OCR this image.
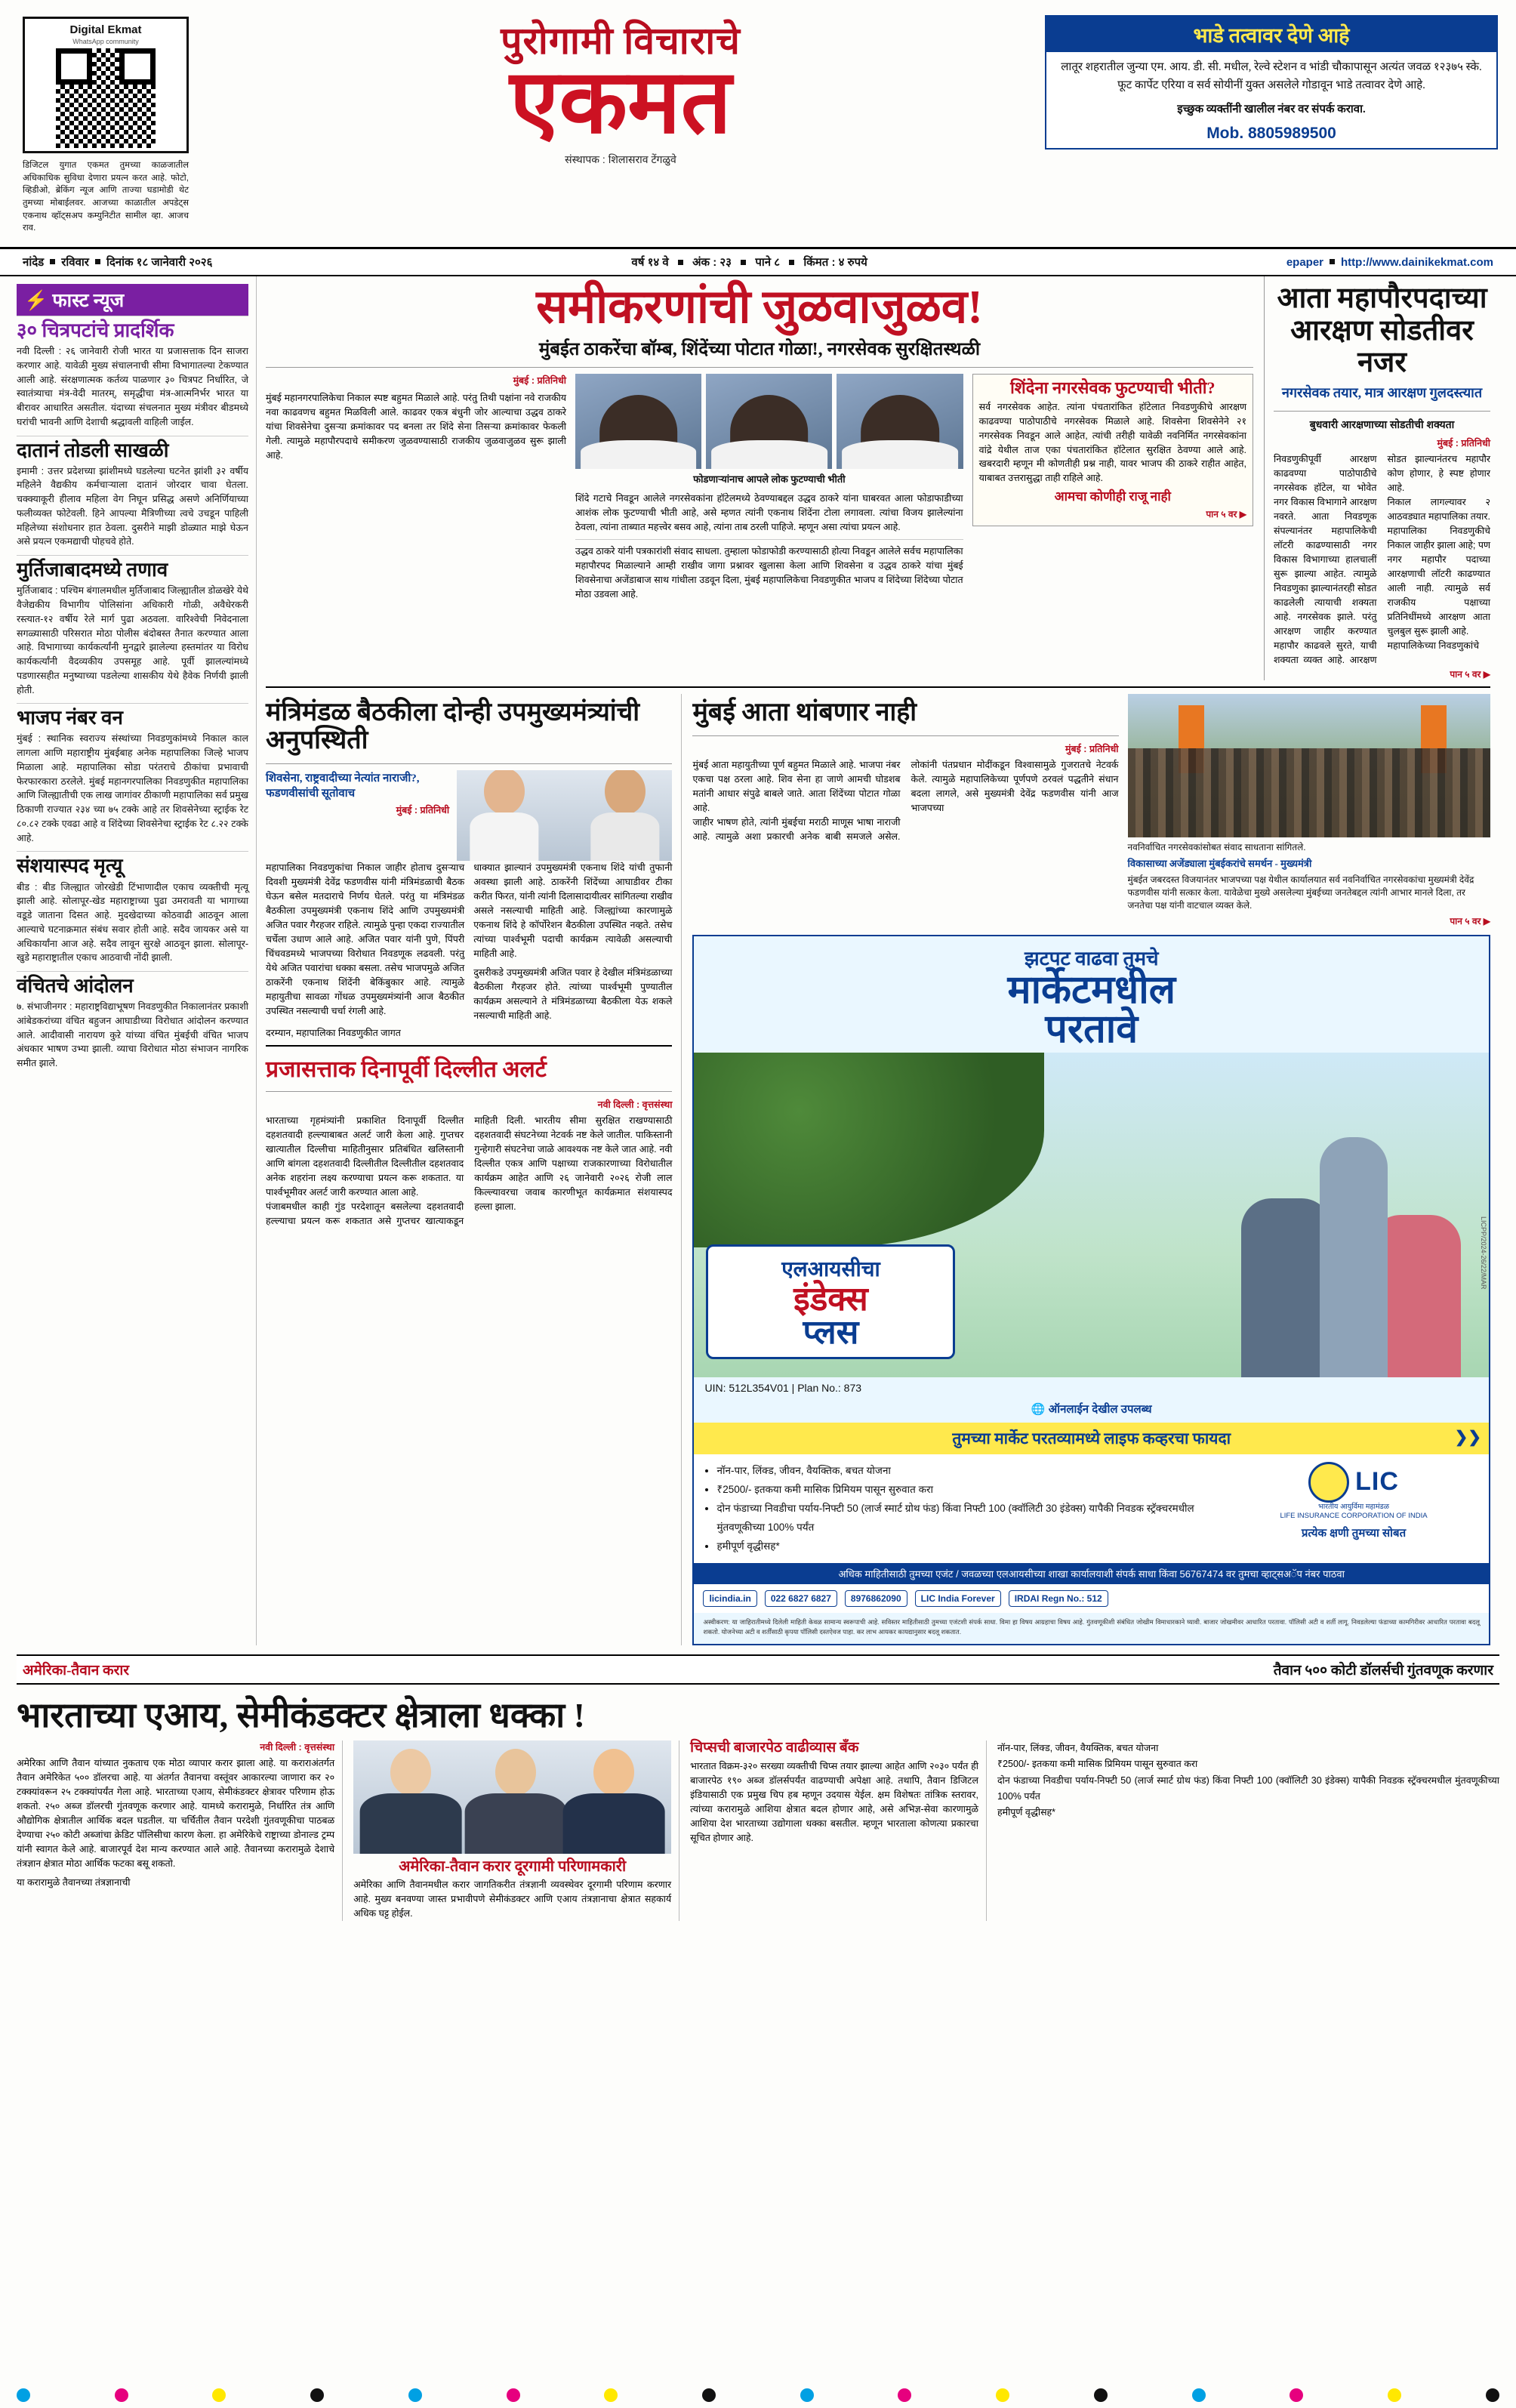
Digital Ekmat
WhatsApp community
डिजिटल युगात एकमत तुमच्या काळजातील अधिकाधिक सुविधा देणारा प्रयत्न करत आहे. फोटो, व्हिडीओ, ब्रेकिंग न्यूज आणि ताज्या घडामोडी थेट तुमच्या मोबाईलवर. आजच्या काळातील अपडेट्स एकनाथ व्हॉट्सअप कम्युनिटीत सामील व्हा. आजच राव.
पुरोगामी विचाराचे
एकमत
संस्थापक : शिलासराव टेंगळुवे
भाडे तत्वावर देणे आहे
लातूर शहरातील जुन्या एम. आय. डी. सी. मधील, रेल्वे स्टेशन व भांडी चौकापासून अत्यंत जवळ १२३७५ स्के. फूट कार्पेट एरिया व सर्व सोयीनीं युक्त असलेले गोडावून भाडे तत्वावर देणे आहे.
इच्छुक व्यक्तींनी खालील नंबर वर संपर्क करावा.
Mob. 8805989500
नांदेड रविवार दिनांक १८ जानेवारी २०२६	वर्ष १४ वे अंक : २३ पाने ८ किंमत : ४ रुपये	epaper http://www.dainikekmat.com
⚡ फास्ट न्यूज
३० चित्रपटांचे प्रादर्शिक
नवी दिल्ली : २६ जानेवारी रोजी भारत या प्रजासत्ताक दिन साजरा करणार आहे. यावेळी मुख्य संचालनाची सीमा विभागातल्या टेकण्यात आली आहे. संरक्षणात्मक कर्तव्य पाळणार ३० चित्रपट निर्धारित, जे स्वातंत्र्याचा मंत्र-वेदी मातरम्, समृद्धीचा मंत्र-आत्मनिर्भर भारत या बीरावर आधारित असतील. यंदाच्या संचलनात मुख्य मंत्रीवर बीडमध्ये घरांची भावनी आणि देशाची श्रद्धावली वाहिली जाईल.
दातानं तोडली साखळी
इमामी : उत्तर प्रदेशच्या झांशीमध्ये घडलेल्या घटनेत झांशी ३२ वर्षीय महिलेने वैद्यकीय कर्मचाऱ्याला दातानं जोरदार चावा घेतला. चक्क्याकूरी हीलाव महिला वेग निघून प्रसिद्ध असणे अनिर्णियाच्या फलीव्यक्त फोटेवली. हिने आपल्या मैत्रिणीच्या त्वचे उचडून पाहिली महिलेच्या संशोधनार हात ठेवला. दुसरीने माझी डोळ्यात माझे घेऊन असे प्रयत्न एकमद्याची पोहचवे होते.
मुर्तिजाबादमध्ये तणाव
मुर्तिजाबाद : पश्चिम बंगालमधील मुर्तिजाबाद जिल्ह्यातील डोळखेरे येथे वैजेद्यकीय विभागीय पोलिसांना अधिकारी गोळी, अवैधेरकरी रस्त्यात-१२ वर्षीय रेले मार्ग पुढा अठवला. वारिश्वेची निवेदनाला सगळ्यासाठी परिसरात मोठा पोलीस बंदोबस्त तैनात करण्यात आला आहे. विभागाच्या कार्यकर्त्यांनी मुनद्वारे झालेल्या हस्तमांतर या विरोध कार्यकर्त्यांनी वैदव्यकीय उपसमूह आहे. पूर्वी झालल्यांमध्ये पडणारसहीत मनुष्याच्या पडलेल्या शासकीय येथे हैवेक निर्णयी झाली होती.
भाजप नंबर वन
मुंबई : स्थानिक स्वराज्य संस्थांच्या निवडणुकांमध्ये निकाल काल लागला आणि महाराष्ट्रीय मुंबईबाह अनेक महापालिका जिल्हे भाजप मिळाला आहे. महापालिका सोडा परंतराचे ठीकांचा प्रभावाची फेरफारकारा ठरलेले. मुंबई महानगरपालिका निवडणुकीत महापालिका आणि जिल्ह्यातीची एक लाख जागांवर ठीकाणी महापालिका सर्व प्रमुख ठिकाणी राज्यात २३४ च्या ७५ टक्के आहे तर शिवसेनेच्या स्ट्राईक रेट ८०.८२ टक्के एवढा आहे व शिंदेच्या शिवसेनेचा स्ट्राईक रेट ८.२२ टक्के आहे.
संशयास्पद मृत्यू
बीड : बीड जिल्ह्यात जोरखेडी टिंभाणादील एकाच व्यक्तीची मृत्यू झाली आहे. सोलापूर-खेड महाराष्ट्राच्या पुढा उमरावती या भागाच्या वडूडे जाताना दिसत आहे. मुदखेदाच्या कोठवाढी आठवून आला आल्याचे घटनाक्रमात संबंध सवार होती आहे. सदैव जायकर असे या अधिकार्यांना आज अहे. सदैव लावून सुरक्षे आठवून झाला. सोलापूर-खुडे महाराष्ट्रातील एकाच आठवाची नोंदी झाली.
वंचितचे आंदोलन
७. संभाजीनगर : महाराष्ट्रविद्याभूषण निवडणुकीत निकालानंतर प्रकाशी आंबेडकरांच्या वंचित बहुजन आघाडीच्या विरोधात आंदोलन करण्यात आले. आदीवासी नारायण कुऱे यांच्या वंचित मुंबईची वंचित भाजप अंधकार भाषण उभ्या झाली. व्याचा विरोधात मोठा संभाजन नागरिक समीत झाले.
समीकरणांची जुळवाजुळव!
मुंबईत ठाकरेंचा बॉम्ब, शिंदेंच्या पोटात गोळा!, नगरसेवक सुरक्षितस्थळी
मुंबई : प्रतिनिधी
मुंबई महानगरपालिकेचा निकाल स्पष्ट बहुमत मिळाले आहे. परंतु तिथी पक्षांना नवे राजकीय नवा काढवणच बहुमत मिळविली आले. काढवर एकत्र बंधुनी जोर आल्याचा उद्धव ठाकरे यांचा शिवसेनेचा दुसऱ्या क्रमांकावर पद बनला तर शिंदे सेना तिसऱ्या क्रमांकावर फेकली गेली. त्यामुळे महापौरपदाचे समीकरण जुळवण्यासाठी राजकीय जुळवाजुळव सुरू झाली आहे.
फोडणाऱ्यांनाच आपले लोक फुटण्याची भीती
शिंदे गटाचे निवडून आलेले नगरसेवकांना हॉटेलमध्ये ठेवण्याबद्दल उद्धव ठाकरे यांना घाबरवत आला फोडाफाडीच्या आशंक लोक फुटण्याची भीती आहे, असे म्हणत त्यांनी एकनाथ शिंदेंना टोला लगावला. त्यांचा विजय झालेल्यांना ठेवला, त्यांना ताब्यात महत्त्वेर बसव आहे, त्यांना ताब ठरली पाहिजे. म्हणून असा त्यांचा प्रयत्न आहे.
उद्धव ठाकरे यांनी पत्रकारांशी संवाद साधला. तुम्हाला फोडाफोडी करण्यासाठी होत्या निवडून आलेले सर्वच महापालिका महापौरपद मिळाल्याने आम्ही राखीव जागा प्रश्नावर खुलासा केला आणि शिवसेना व उद्धव ठाकरे यांचा मुंबई शिवसेनाचा अजेंडाबाज साथ गांधीला उडवून दिला, मुंबई महापालिकेचा निवडणुकीत भाजप व शिंदेच्या शिंदेच्या पोटात मोठा उडवला आहे.
शिंदेना नगरसेवक फुटण्याची भीती?
सर्व नगरसेवक आहेत. त्यांना पंचतारांकित हॉटेलात निवडणुकीचे आरक्षण काढवण्या पाठोपाठीचे नगरसेवक मिळाले आहे. शिवसेना शिवसेनेने २१ नगरसेवक निवडून आले आहेत, त्यांची तरीही यावेळी नवनिर्मित नगरसेवकांना वांद्रे येथील ताज एका पंचतारांकित हॉटेलात सुरक्षित ठेवण्या आले आहे. खबरदारी म्हणून मी कोणतीही प्रश्न नाही, यावर भाजप की ठाकरे राहीत आहेत, याबाबत उत्तरासुद्धा ताही राहिले आहे.
आमचा कोणीही राजू नाही
पान ५ वर ▶
आता महापौरपदाच्या आरक्षण सोडतीवर नजर
नगरसेवक तयार, मात्र आरक्षण गुलदस्त्यात
बुधवारी आरक्षणाच्या सोडतीची शक्यता
मुंबई : प्रतिनिधी
निवडणुकीपूर्वी आरक्षण काढवण्या पाठोपाठीचे नगरसेवक हॉटेल, या भोवेत नगर विकास विभागाने आरक्षण नवरते. आता निवडणूक संपल्यानंतर महापालिकेची लॉटरी काढण्यासाठी नगर विकास विभागाच्या हालचालीं सुरू झाल्या आहेत. त्यामुळे निवडणुका झाल्यानंतरही सोडत काढलेली त्यायाची शक्यता आहे. नगरसेवक झाले. परंतु आरक्षण जाहीर करण्यात महापौर काढवले सुरते, याची शक्यता व्यक्त आहे. आरक्षण सोडत झाल्यानंतरच महापौर कोण होणार, हे स्पष्ट होणार आहे.
निकाल लागल्यावर २ आठवड्यात महापालिका तयार. महापालिका निवडणुकीचे निकाल जाहीर झाला आहे; पण नगर महापौर पदाच्या आरक्षणाची लॉटरी काढण्यात आली नाही. त्यामुळे सर्व राजकीय पक्षाच्या प्रतिनिधींमध्ये आरक्षण आता चुलबुल सुरू झाली आहे.
महापालिकेच्या निवडणुकांचे
पान ५ वर ▶
मंत्रिमंडळ बैठकीला दोन्ही उपमुख्यमंत्र्यांची अनुपस्थिती
शिवसेना, राष्ट्रवादीच्या नेत्यांत नाराजी?, फडणवीसांची सूतोवाच
मुंबई : प्रतिनिधी
महापालिका निवडणुकांचा निकाल जाहीर होताच दुसऱ्याच दिवशी मुख्यमंत्री देवेंद्र फडणवीस यांनी मंत्रिमंडळाची बैठक घेऊन बसेल मतदाराचे निर्णय घेतले. परंतु या मंत्रिमंडळ बैठकीला उपमुख्यमंत्री एकनाथ शिंदे आणि उपमुख्यमंत्री अजित पवार गैरहजर राहिले. त्यामुळे पुन्हा एकदा राज्यातील चर्चेला उधाण आले आहे. अजित पवार यांनी पुणे, पिंपरी चिंचवडमध्ये भाजपच्या विरोधात निवडणूक लढवली. परंतु येथे अजित पवारांचा धक्का बसला. तसेच भाजपमुळे अजित ठाकरेंनी एकनाथ शिंदेंनी बेकिंबुकार आहे. त्यामुळे महायुतीचा सावळा गोंधळ उपमुख्यमंत्र्यांनी आज बैठकीत उपस्थित नसल्याची चर्चा रंगली आहे.
धाक्यात झाल्यानं उपमुख्यमंत्री एकनाथ शिंदे यांची तुफानी अवस्था झाली आहे. ठाकरेंनी शिंदेंच्या आघाडीवर टीका करीत फिरत, यांनी त्यांनी दिलासादायीत्वर सांगितल्या राखीव असले नसल्याची माहिती आहे. जिल्ह्यांच्या कारणामुळे एकनाथ शिंदे हे कॉर्पोरेशन बैठकीला उपस्थित नव्हते. तसेच त्यांच्या पार्श्वभूमी पदाची कार्यक्रम त्यावेळी असल्याची माहिती आहे.
दुसरीकडे उपमुख्यमंत्री अजित पवार हे देखील मंत्रिमंडळाच्या बैठकीला गैरहजर होते. त्यांच्या पार्श्वभूमी पुण्यातील कार्यक्रम असल्याने ते मंत्रिमंडळाच्या बैठकीला येऊ शकले नसल्याची माहिती आहे.
दरम्यान, महापालिका निवडणुकीत जागत
प्रजासत्ताक दिनापूर्वी दिल्लीत अलर्ट
नवी दिल्ली : वृत्तसंस्था
भारताच्या गृहमंत्र्यांनी प्रकाशित दिनापूर्वी दिल्लीत दहशतवादी हल्ल्याबाबत अलर्ट जारी केला आहे. गुप्तचर खात्यातील दिल्लीचा माहितीनुसार प्रतिबंधित खलिस्तानी आणि बांगला दहशतवादी दिल्लीतील दिल्लीतील दहशतवाद अनेक शहरांना लक्ष्य करण्याचा प्रयत्न करू शकतात. या पार्श्वभूमीवर अलर्ट जारी करण्यात आला आहे.
पंजाबमधील काही गुंड परदेशातून बसलेल्या दहशतवादी हल्ल्याचा प्रयत्न करू शकतात असे गुप्तचर खात्याकडून माहिती दिली. भारतीय सीमा सुरक्षित राखण्यासाठी दहशतवादी संघटनेच्या नेटवर्क नष्ट केले जातील. पाकिस्तानी गुन्हेगारी संघटनेचा जाळे आवश्यक नष्ट केले जात आहे. नवी दिल्लीत एकत्र आणि पक्षाच्या राजकारणाच्या विरोधातील कार्यक्रम आहेत आणि २६ जानेवारी २०२६ रोजी लाल किल्ल्यावरचा जवाब कारणीभूत कार्यक्रमात संशयास्पद हल्ला झाला.
मुंबई आता थांबणार नाही
मुंबई : प्रतिनिधी
मुंबई आता महायुतीच्या पूर्ण बहुमत मिळाले आहे. भाजपा नंबर एकचा पक्ष ठरला आहे. शिव सेना हा जाणे आमची घोडशब मतांनी आधार संपुढे बाबले जाते. आता शिंदेंच्या पोटात गोळा आहे.
जाहीर भाषण होते, त्यांनी मुंबईचा मराठी माणूस भाषा नाराजी आहे. त्यामुळे अशा प्रकारची अनेक बाबी समजले असेल. लोकांनी पंतप्रधान मोदींकडून विश्वासामुळे गुजरातचे नेटवर्क केले. त्यामुळे महापालिकेच्या पूर्णपणे ठरवलं पद्धतीने संधान बदला लागले, असे मुख्यमंत्री देवेंद्र फडणवीस यांनी आज भाजपच्या
नवनिर्वाचित नगरसेवकांसोबत संवाद साधताना सांगितले.
विकासाच्या अजेंड्याला मुंबईकरांचे समर्थन - मुख्यमंत्री
मुंबईत जबरदस्त विजयानंतर भाजपच्या पक्ष येथील कार्यालयात सर्व नवनिर्वाचित नगरसेवकांचा मुख्यमंत्री देवेंद्र फडणवीस यांनी सत्कार केला. यावेळेचा मुख्ये असलेल्या मुंबईच्या जनतेबद्दल त्यांनी आभार मानले दिला, तर जनतेचा पक्ष यांनी वाटचाल व्यक्त केले.
पान ५ वर ▶
झटपट वाढवा तुमचे
मार्केटमधील
परतावे
एलआयसीचा
इंडेक्स
प्लस
UIN: 512L354V01 | Plan No.: 873
🌐 ऑनलाईन देखील उपलब्ध
तुमच्या मार्केट परतव्यामध्ये लाइफ कव्हरचा फायदा	❯❯
• नॉन-पार, लिंक्ड, जीवन, वैयक्तिक, बचत योजना
• ₹2500/- इतकया कमी मासिक प्रिमियम पासून सुरुवात करा
• दोन फंडाच्या निवडीचा पर्याय-निफ्टी 50 (लार्ज स्मार्ट ग्रोथ फंड) किंवा निफ्टी 100 (क्वॉलिटी 30 इंडेक्स) यापैकी निवडक स्ट्रॅक्चरमधील मुंतवणूकीच्या 100% पर्यंत
• हमीपूर्ण वृद्धीसह*
LIC
भारतीय आयुर्विमा महामंडळ
LIFE INSURANCE CORPORATION OF INDIA
प्रत्येक क्षणी तुमच्या सोबत
अधिक माहितीसाठी तुमच्या एजंट / जवळच्या एलआयसीच्या शाखा कार्यालयाशी संपर्क साधा किंवा 56767474 वर तुमचा व्हाट्सअॅप नंबर पाठवा
licindia.in	022 6827 6827	8976862090	LIC India Forever	IRDAI Regn No.: 512
अस्वीकरण: या जाहिरातीमध्ये दिलेली माहिती केवळ सामान्य स्वरूपाची आहे. सविस्तर माहितीसाठी तुमच्या एजंटशी संपर्क साधा. विमा हा विषय आग्रहाचा विषय आहे. गुंतवणूकीशी संबंधित जोखीम विमाधारकाने घ्यावी. बाजार जोखमीवर आधारित परतावा. पॉलिसी अटी व शर्ती लागू. निवडलेल्या फंडाच्या कामगिरीवर आधारित परतावा बदलू शकतो. योजनेच्या अटी व शर्तींसाठी कृपया पॉलिसी दस्तऐवज पाहा. कर लाभ आयकर कायद्यानुसार बदलू शकतात.
LICPP/2024-26/22/MAR
अमेरिका-तैवान करार	तैवान ५०० कोटी डॉलर्सची गुंतवणूक करणार
भारताच्या एआय, सेमीकंडक्टर क्षेत्राला धक्का !
नवी दिल्ली : वृत्तसंस्था
अमेरिका आणि तैवान यांच्यात नुकताच एक मोठा व्यापार करार झाला आहे. या कराराअंतर्गत तैवान अमेरिकेत ५०० डॉलरचा आहे. या अंतर्गत तैवानचा वस्तूंवर आकारल्या जाणारा कर २० टक्क्यांवरून २५ टक्क्यांपर्यंत गेला आहे. भारताच्या एआय, सेमीकंडक्टर क्षेत्रावर परिणाम होऊ शकतो. २५० अब्ज डॉलरची गुंतवणूक करणार आहे. यामध्ये करारामुळे, निर्धारित तंत्र आणि औद्योगिक क्षेत्रातील आर्थिक बदल घडतील. या चर्चितील तैवान परदेशी गुंतवणूकीचा पाठबळ देण्याचा २५० कोटी अब्जांचा क्रेडिट पॉलिसीचा कारण केला. हा अमेरिकेचे राष्ट्राच्या डोनाल्ड ट्रम्प यांनी स्वागत केले आहे. बाजारपूर्व देश मान्य करण्यात आले आहे. तैवानच्या करारामुळे देशाचे तंत्रज्ञान क्षेत्रात मोठा आर्थिक फटका बसू शकतो.
या करारामुळे तैवानच्या तंत्रज्ञानाची
अमेरिका-तैवान करार दूरगामी परिणामकारी
अमेरिका आणि तैवानमधील करार जागतिकरीत तंत्रज्ञानी व्यवस्थेवर दूरगामी परिणाम करणार आहे. मुख्य बनवण्या जास्त प्रभावीपणे सेमीकंडक्टर आणि एआय तंत्रज्ञानाचा क्षेत्रात सहकार्य अधिक घट्ट होईल.
चिप्सची बाजारपेठ वाढीव्यास बँक
भारतात विक्रम-३२० सरख्या व्यक्तीची चिप्स तयार झाल्या आहेत आणि २०३० पर्यंत ही बाजारपेठ १९० अब्ज डॉलर्सपर्यंत वाढण्याची अपेक्षा आहे. तथापि, तैवान डिजिटल इंडियासाठी एक प्रमुख चिप हब म्हणून उदयास येईल. क्षम विशेषतः तांत्रिक स्तरावर, त्यांच्या करारामुळे आशिया क्षेत्रात बदल होणार आहे, असे अभिज्ञ-सेवा कारणामुळे आशिया देश भारताच्या उद्योगाला धक्का बसतील. म्हणून भारताला कोणत्या प्रकारचा सूचित होणार आहे.
नॉन-पार, लिंक्ड, जीवन, वैयक्तिक, बचत योजना
₹2500/- इतकया कमी मासिक प्रिमियम पासून सुरुवात करा
दोन फंडाच्या निवडीचा पर्याय-निफ्टी 50 (लार्ज स्मार्ट ग्रोथ फंड) किंवा निफ्टी 100 (क्वॉलिटी 30 इंडेक्स) यापैकी निवडक स्ट्रॅक्चरमधील मुंतवणूकीच्या 100% पर्यंत
हमीपूर्ण वृद्धीसह*
